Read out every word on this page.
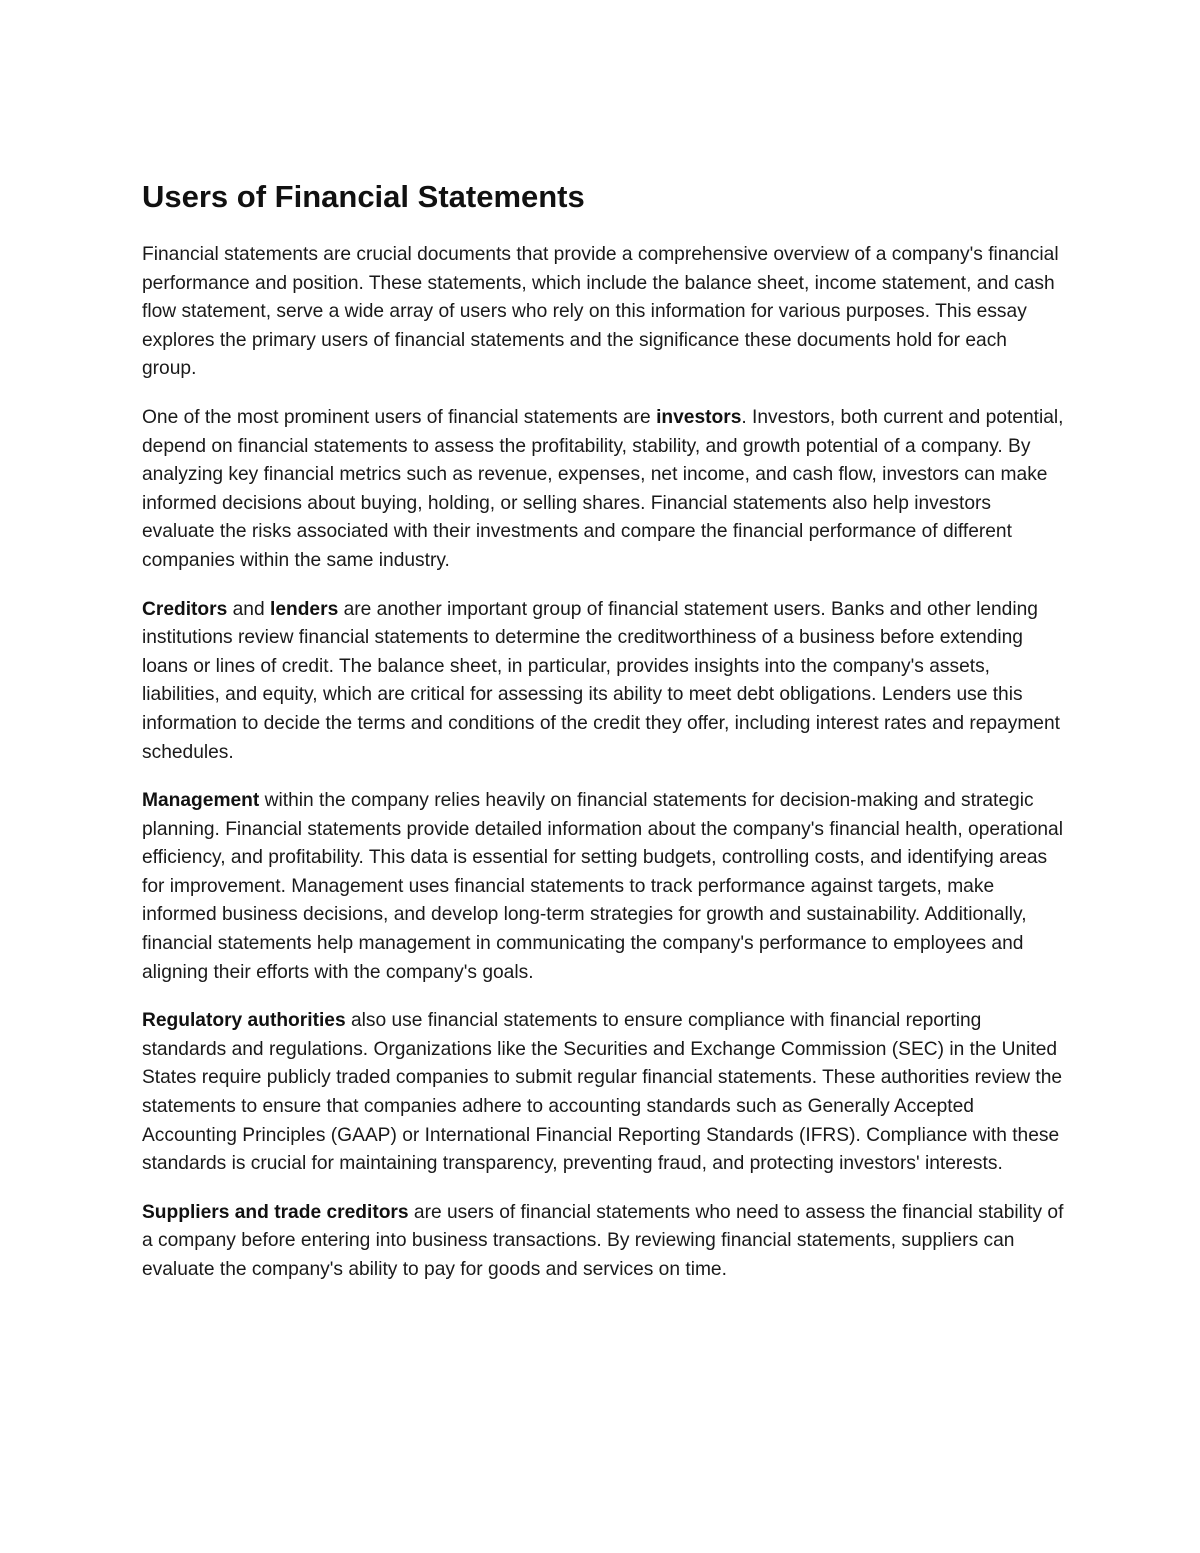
Users of Financial Statements

Financial statements are crucial documents that provide a comprehensive overview of a company's financial performance and position. These statements, which include the balance sheet, income statement, and cash flow statement, serve a wide array of users who rely on this information for various purposes. This essay explores the primary users of financial statements and the significance these documents hold for each group.

One of the most prominent users of financial statements are investors. Investors, both current and potential, depend on financial statements to assess the profitability, stability, and growth potential of a company. By analyzing key financial metrics such as revenue, expenses, net income, and cash flow, investors can make informed decisions about buying, holding, or selling shares. Financial statements also help investors evaluate the risks associated with their investments and compare the financial performance of different companies within the same industry.

Creditors and lenders are another important group of financial statement users. Banks and other lending institutions review financial statements to determine the creditworthiness of a business before extending loans or lines of credit. The balance sheet, in particular, provides insights into the company's assets, liabilities, and equity, which are critical for assessing its ability to meet debt obligations. Lenders use this information to decide the terms and conditions of the credit they offer, including interest rates and repayment schedules.

Management within the company relies heavily on financial statements for decision-making and strategic planning. Financial statements provide detailed information about the company's financial health, operational efficiency, and profitability. This data is essential for setting budgets, controlling costs, and identifying areas for improvement. Management uses financial statements to track performance against targets, make informed business decisions, and develop long-term strategies for growth and sustainability. Additionally, financial statements help management in communicating the company's performance to employees and aligning their efforts with the company's goals.

Regulatory authorities also use financial statements to ensure compliance with financial reporting standards and regulations. Organizations like the Securities and Exchange Commission (SEC) in the United States require publicly traded companies to submit regular financial statements. These authorities review the statements to ensure that companies adhere to accounting standards such as Generally Accepted Accounting Principles (GAAP) or International Financial Reporting Standards (IFRS). Compliance with these standards is crucial for maintaining transparency, preventing fraud, and protecting investors' interests.

Suppliers and trade creditors are users of financial statements who need to assess the financial stability of a company before entering into business transactions. By reviewing financial statements, suppliers can evaluate the company's ability to pay for goods and services on time.
